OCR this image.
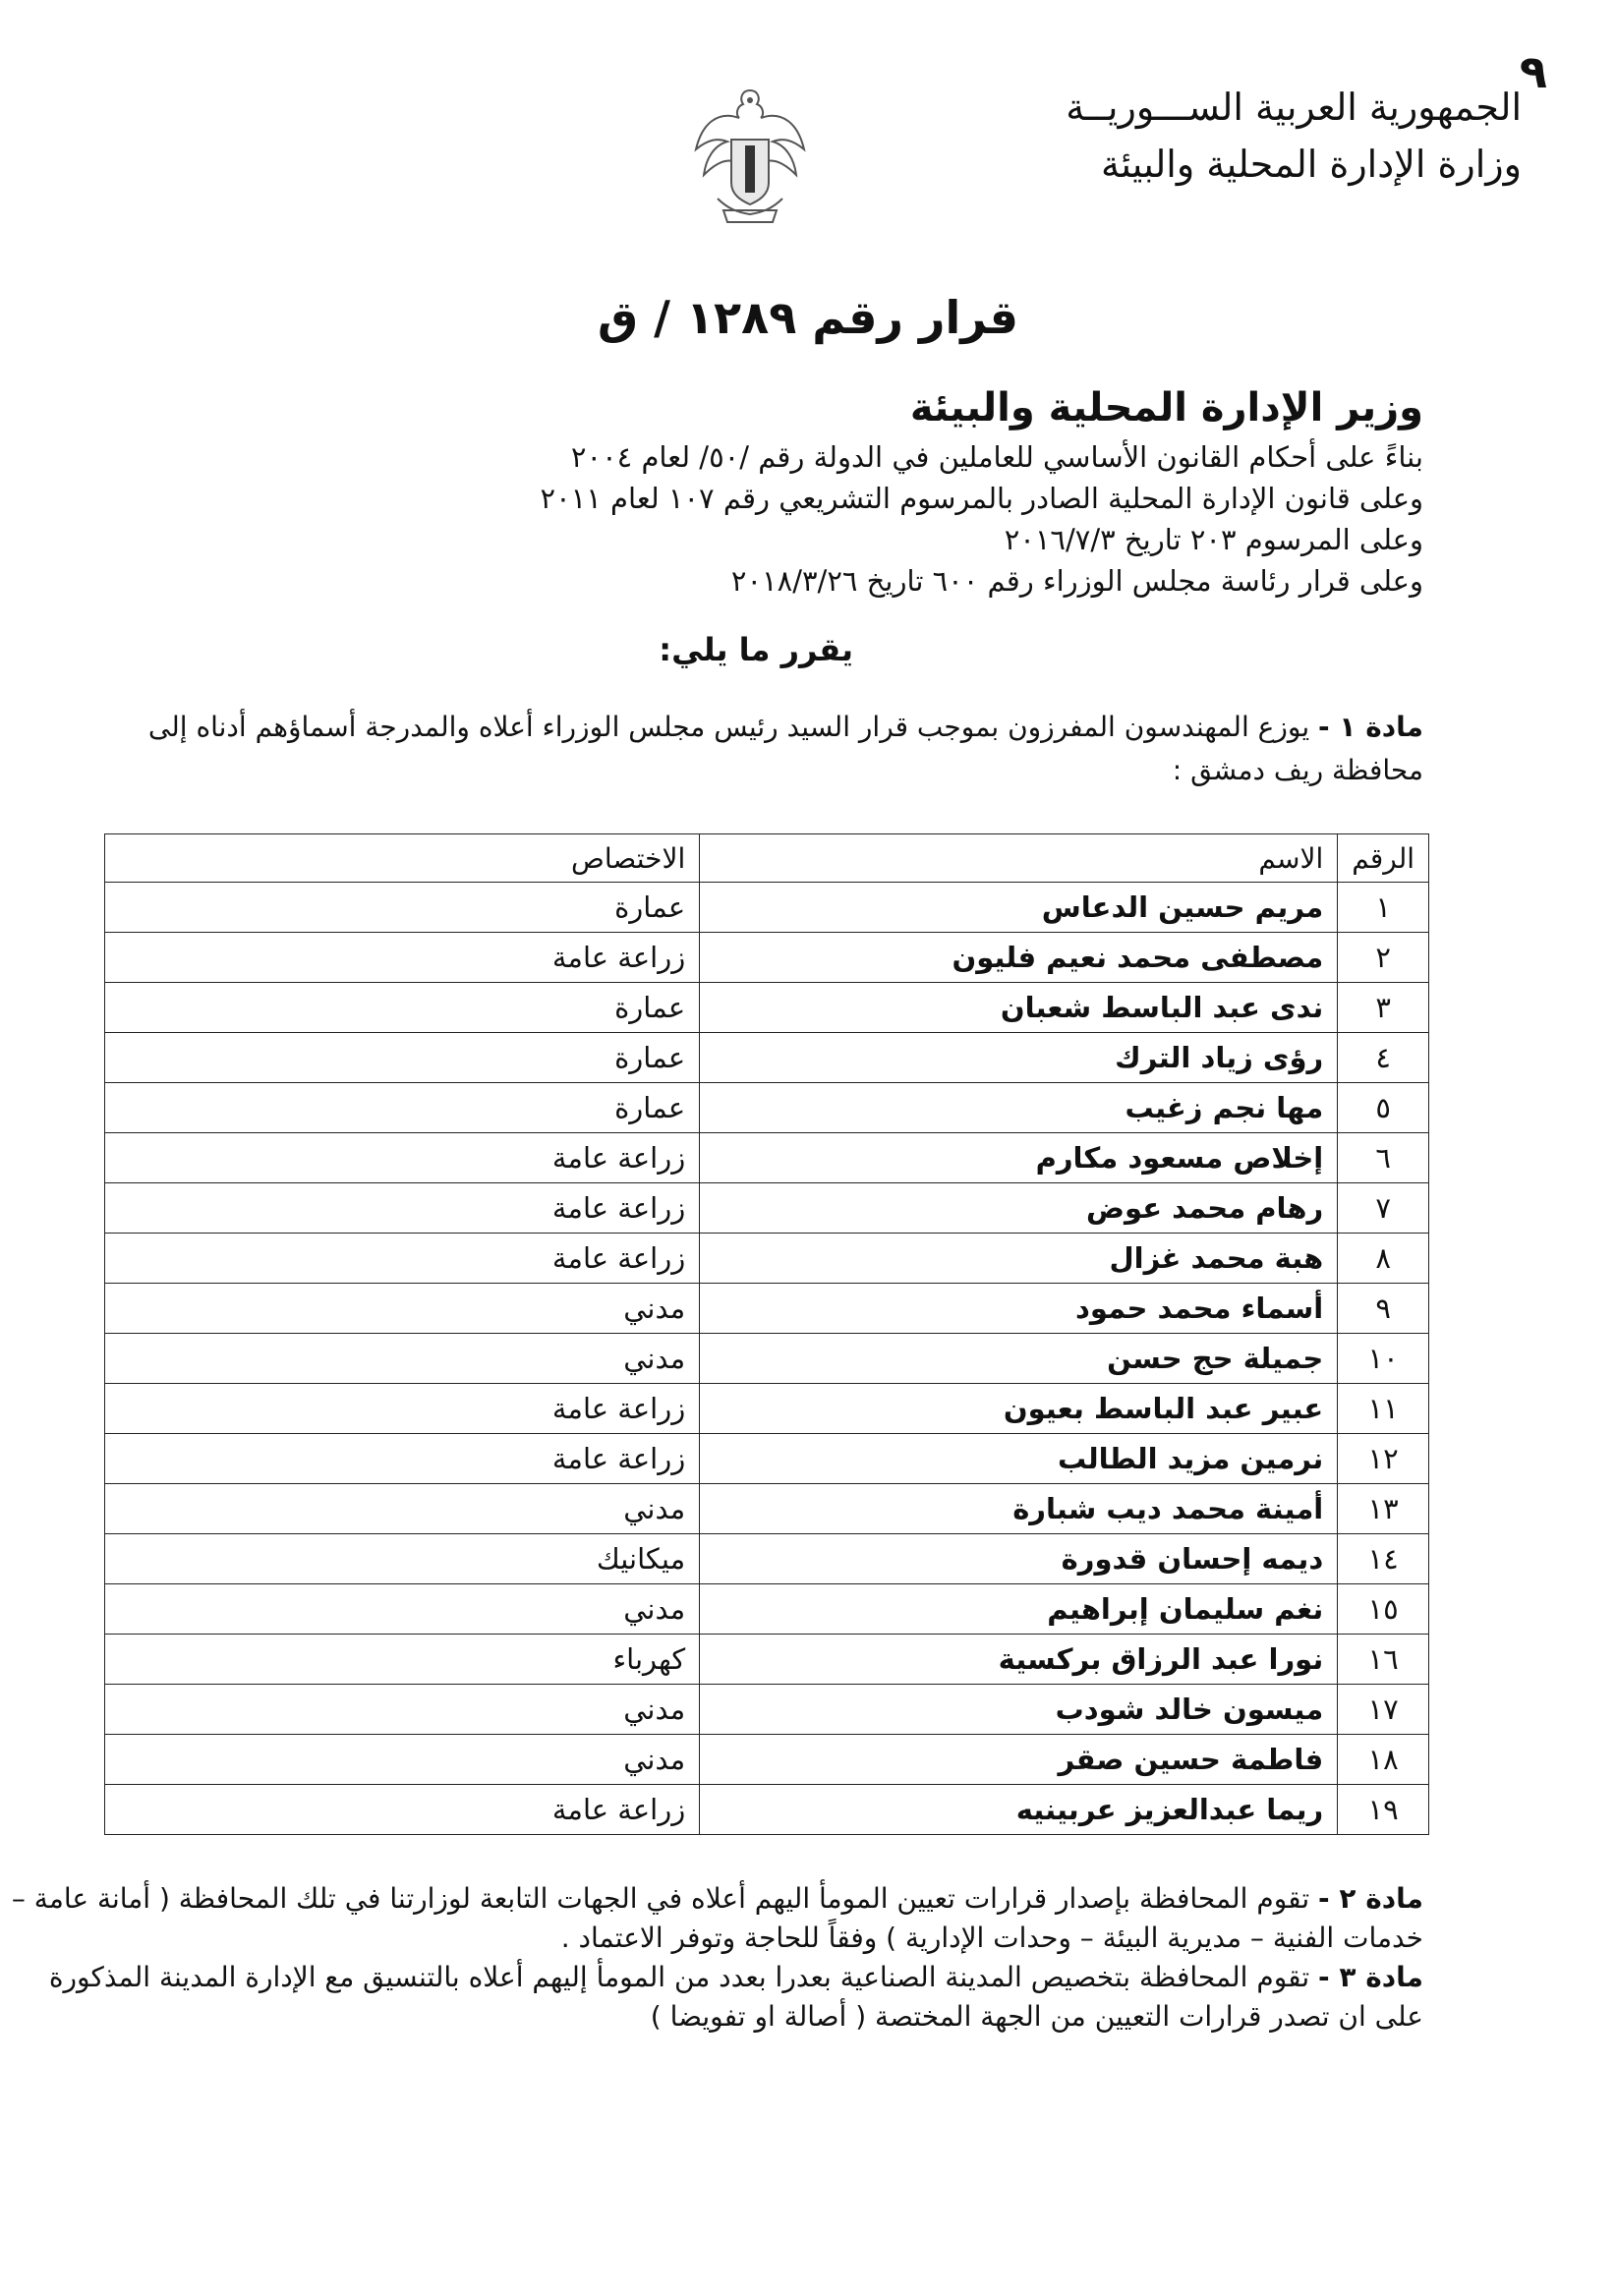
٩
الجمهورية العربية الســـوريــة
وزارة الإدارة المحلية والبيئة
قرار رقم ١٢٨٩ / ق
وزير الإدارة المحلية والبيئة
بناءً على أحكام القانون الأساسي للعاملين في الدولة رقم /٥٠/ لعام ٢٠٠٤
وعلى قانون الإدارة المحلية الصادر بالمرسوم التشريعي رقم ١٠٧ لعام ٢٠١١
وعلى المرسوم ٢٠٣ تاريخ ٢٠١٦/٧/٣
وعلى قرار رئاسة مجلس الوزراء رقم ٦٠٠ تاريخ ٢٠١٨/٣/٢٦
يقرر ما يلي:
مادة ١ - يوزع المهندسون المفرزون بموجب قرار السيد رئيس مجلس الوزراء أعلاه والمدرجة أسماؤهم أدناه إلى محافظة ريف دمشق :
الرقم	الاسم	الاختصاص
١	مريم حسين الدعاس	عمارة
٢	مصطفى محمد نعيم فليون	زراعة عامة
٣	ندى عبد الباسط شعبان	عمارة
٤	رؤى زياد الترك	عمارة
٥	مها نجم زغيب	عمارة
٦	إخلاص مسعود مكارم	زراعة عامة
٧	رهام محمد عوض	زراعة عامة
٨	هبة محمد غزال	زراعة عامة
٩	أسماء محمد حمود	مدني
١٠	جميلة حج حسن	مدني
١١	عبير عبد الباسط بعيون	زراعة عامة
١٢	نرمين مزيد الطالب	زراعة عامة
١٣	أمينة محمد ديب شبارة	مدني
١٤	ديمه إحسان قدورة	ميكانيك
١٥	نغم سليمان إبراهيم	مدني
١٦	نورا عبد الرزاق بركسية	كهرباء
١٧	ميسون خالد شودب	مدني
١٨	فاطمة حسين صقر	مدني
١٩	ريما عبدالعزيز عربينيه	زراعة عامة
مادة ٢ - تقوم المحافظة بإصدار قرارات تعيين المومأ اليهم أعلاه في الجهات التابعة لوزارتنا في تلك المحافظة ( أمانة عامة – خدمات الفنية – مديرية البيئة – وحدات الإدارية ) وفقاً للحاجة وتوفر الاعتماد .
مادة ٣ - تقوم المحافظة بتخصيص المدينة الصناعية بعدرا بعدد من المومأ إليهم أعلاه بالتنسيق مع الإدارة المدينة المذكورة على ان تصدر قرارات التعيين من الجهة المختصة ( أصالة او تفويضا )
